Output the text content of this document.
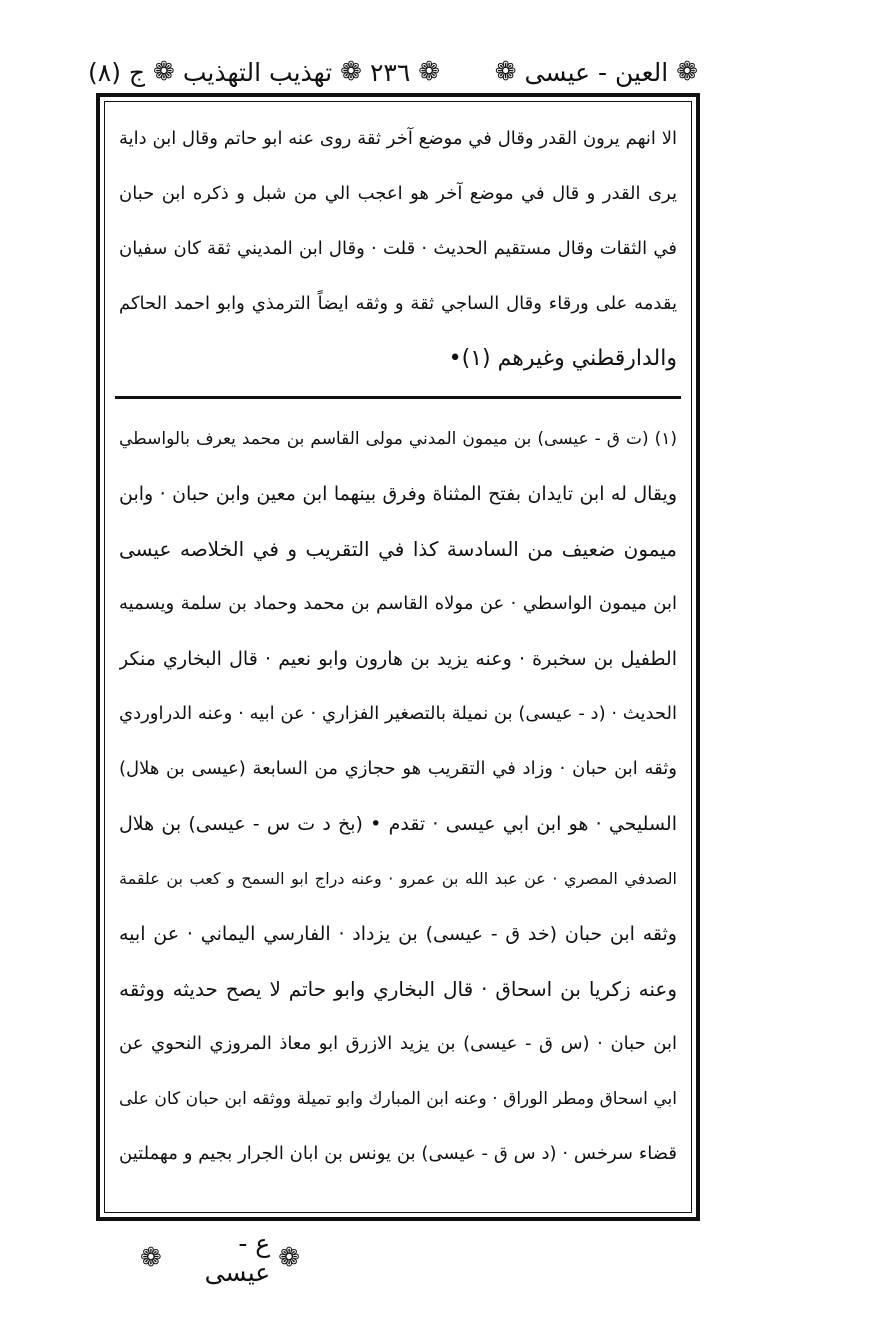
❁
العين - عيسى
❁
❁
٢٣٦
❁
تهذيب التهذيب
❁
ج (٨)
الا انهم يرون القدر وقال في موضع آخر ثقة روى عنه ابو حاتم وقال ابن داية
يرى القدر و قال في موضع آخر هو اعجب الي من شبل و ذكره ابن حبان
في الثقات وقال مستقيم الحديث · قلت · وقال ابن المديني ثقة كان سفيان
يقدمه على ورقاء وقال الساجي ثقة و وثقه ايضاً الترمذي وابو احمد الحاكم
والدارقطني وغيرهم (١)•
(١) (ت ق - عيسى) بن ميمون المدني مولى القاسم بن محمد يعرف بالواسطي
ويقال له ابن تايدان بفتح المثناة وفرق بينهما ابن معين وابن حبان · وابن
ميمون ضعيف من السادسة كذا في التقريب و في الخلاصه عيسى
ابن ميمون الواسطي · عن مولاه القاسم بن محمد وحماد بن سلمة ويسميه
الطفيل بن سخبرة · وعنه يزيد بن هارون وابو نعيم · قال البخاري منكر
الحديث · (د - عيسى) بن نميلة بالتصغير الفزاري · عن ابيه · وعنه الدراوردي
وثقه ابن حبان · وزاد في التقريب هو حجازي من السابعة (عيسى بن هلال)
السليحي · هو ابن ابي عيسى · تقدم • (بخ د ت س - عيسى) بن هلال
الصدفي المصري · عن عبد الله بن عمرو · وعنه دراج ابو السمح و كعب بن علقمة
وثقه ابن حبان (خد ق - عيسى) بن يزداد · الفارسي اليماني · عن ابيه
وعنه زكريا بن اسحاق · قال البخاري وابو حاتم لا يصح حديثه ووثقه
ابن حبان · (س ق - عيسى) بن يزيد الازرق ابو معاذ المروزي النحوي عن
ابي اسحاق ومطر الوراق · وعنه ابن المبارك وابو تميلة ووثقه ابن حبان كان على
قضاء سرخس · (د س ق - عيسى) بن يونس بن ابان الجرار بجيم و مهملتين
❁
ع - عيسى
❁
